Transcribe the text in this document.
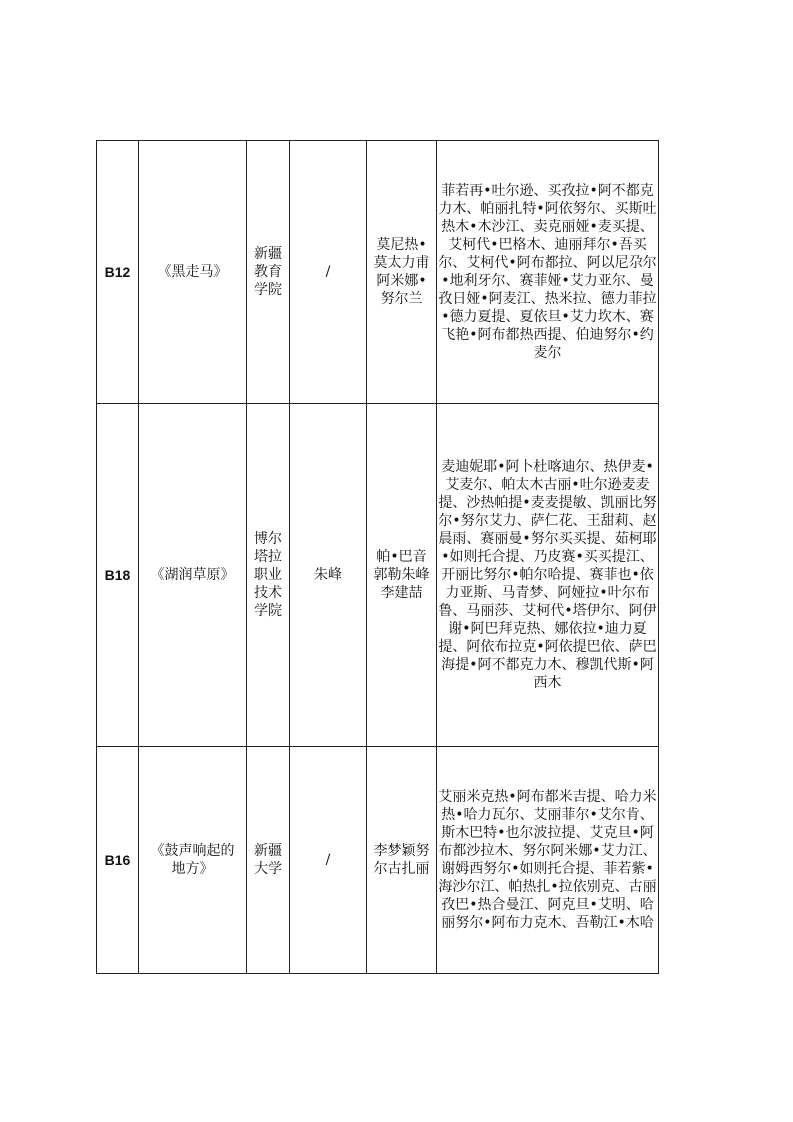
B12	《黑走马》	新疆教育学院	/	莫尼热•莫太力甫阿米娜•努尔兰	菲若再•吐尔逊、买孜拉•阿不都克力木、帕丽扎特•阿依努尔、买斯吐热木•木沙江、卖克丽娅•麦买提、艾柯代•巴格木、迪丽拜尔•吾买尔、艾柯代•阿布都拉、阿以尼尕尔•地利牙尔、赛菲娅•艾力亚尔、曼孜日娅•阿麦江、热米拉、德力菲拉•德力夏提、夏依旦•艾力坎木、赛飞艳•阿布都热西提、伯迪努尔•约麦尔
B18	《湖润草原》	博尔塔拉职业技术学院	朱峰	帕•巴音郭勒朱峰李建喆	麦迪妮耶•阿卜杜喀迪尔、热伊麦•艾麦尔、帕太木古丽•吐尔逊麦麦提、沙热帕提•麦麦提敏、凯丽比努尔•努尔艾力、萨仁花、王甜莉、赵晨雨、赛丽曼•努尔买买提、茹柯耶•如则托合提、乃皮赛•买买提江、开丽比努尔•帕尔哈提、赛菲也•依力亚斯、马青梦、阿娅拉•叶尔布鲁、马丽莎、艾柯代•塔伊尔、阿伊谢•阿巴拜克热、娜依拉•迪力夏提、阿依布拉克•阿依提巴依、萨巴海提•阿不都克力木、穆凯代斯•阿西木
B16	《鼓声响起的地方》	新疆大学	/	李梦颖努尔古扎丽	艾丽米克热•阿布都米吉提、哈力米热•哈力瓦尔、艾丽菲尔•艾尔肯、斯木巴特•也尔波拉提、艾克旦•阿布都沙拉木、努尔阿米娜•艾力江、谢姆西努尔•如则托合提、菲若紫•海沙尔江、帕热扎•拉依别克、古丽孜巴•热合曼江、阿克旦•艾明、哈丽努尔•阿布力克木、吾勒江•木哈
